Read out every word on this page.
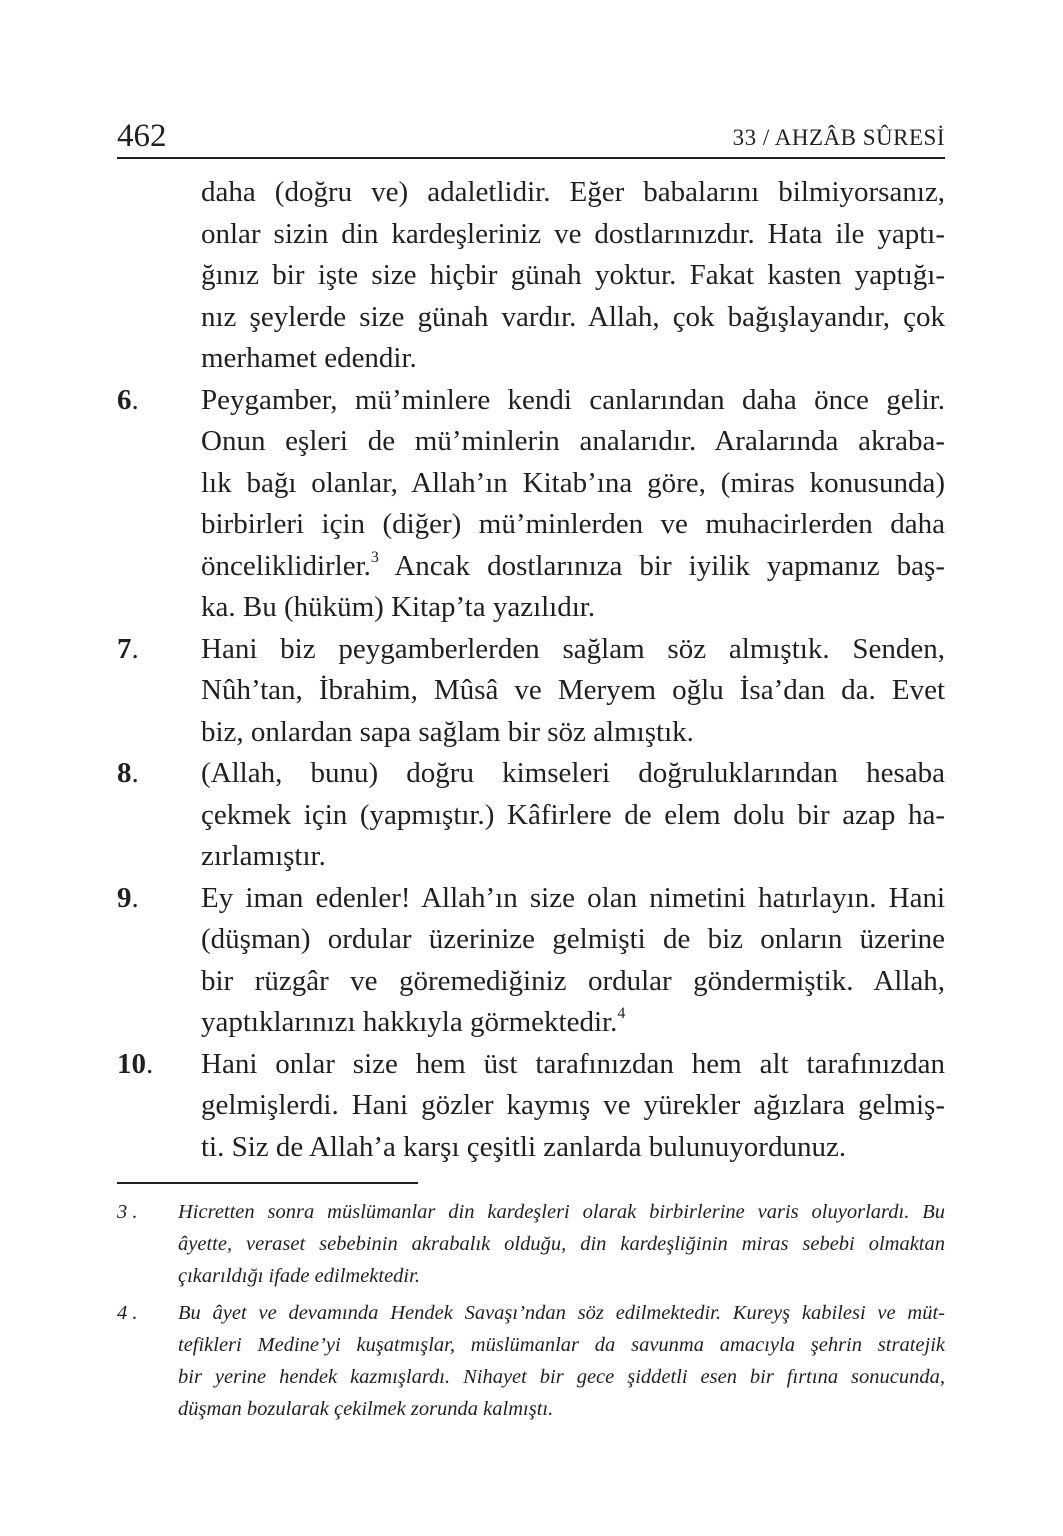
462	33 / AHZÂB SÛRESİ
daha (doğru ve) adaletlidir. Eğer babalarını bilmiyorsanız,
onlar sizin din kardeşleriniz ve dostlarınızdır. Hata ile yaptı-
ğınız bir işte size hiçbir günah yoktur. Fakat kasten yaptığı-
nız şeylerde size günah vardır. Allah, çok bağışlayandır, çok
merhamet edendir.
6. Peygamber, mü’minlere kendi canlarından daha önce gelir.
Onun eşleri de mü’minlerin analarıdır. Aralarında akraba-
lık bağı olanlar, Allah’ın Kitab’ına göre, (miras konusunda)
birbirleri için (diğer) mü’minlerden ve muhacirlerden daha
önceliklidirler.$^3$ Ancak dostlarınıza bir iyilik yapmanız baş-
ka. Bu (hüküm) Kitap’ta yazılıdır.
7. Hani biz peygamberlerden sağlam söz almıştık. Senden,
Nûh’tan, İbrahim, Mûsâ ve Meryem oğlu İsa’dan da. Evet
biz, onlardan sapa sağlam bir söz almıştık.
8. (Allah, bunu) doğru kimseleri doğruluklarından hesaba
çekmek için (yapmıştır.) Kâfirlere de elem dolu bir azap ha-
zırlamıştır.
9. Ey iman edenler! Allah’ın size olan nimetini hatırlayın. Hani
(düşman) ordular üzerinize gelmişti de biz onların üzerine
bir rüzgâr ve göremediğiniz ordular göndermiştik. Allah,
yaptıklarınızı hakkıyla görmektedir.$^4$
10. Hani onlar size hem üst tarafınızdan hem alt tarafınızdan
gelmişlerdi. Hani gözler kaymış ve yürekler ağızlara gelmiş-
ti. Siz de Allah’a karşı çeşitli zanlarda bulunuyordunuz.
3 . Hicretten sonra müslümanlar din kardeşleri olarak birbirlerine varis oluyorlardı. Bu
âyette, veraset sebebinin akrabalık olduğu, din kardeşliğinin miras sebebi olmaktan
çıkarıldığı ifade edilmektedir.
4 . Bu âyet ve devamında Hendek Savaşı’ndan söz edilmektedir. Kureyş kabilesi ve müt-
tefikleri Medine’yi kuşatmışlar, müslümanlar da savunma amacıyla şehrin stratejik
bir yerine hendek kazmışlardı. Nihayet bir gece şiddetli esen bir fırtına sonucunda,
düşman bozularak çekilmek zorunda kalmıştı.
